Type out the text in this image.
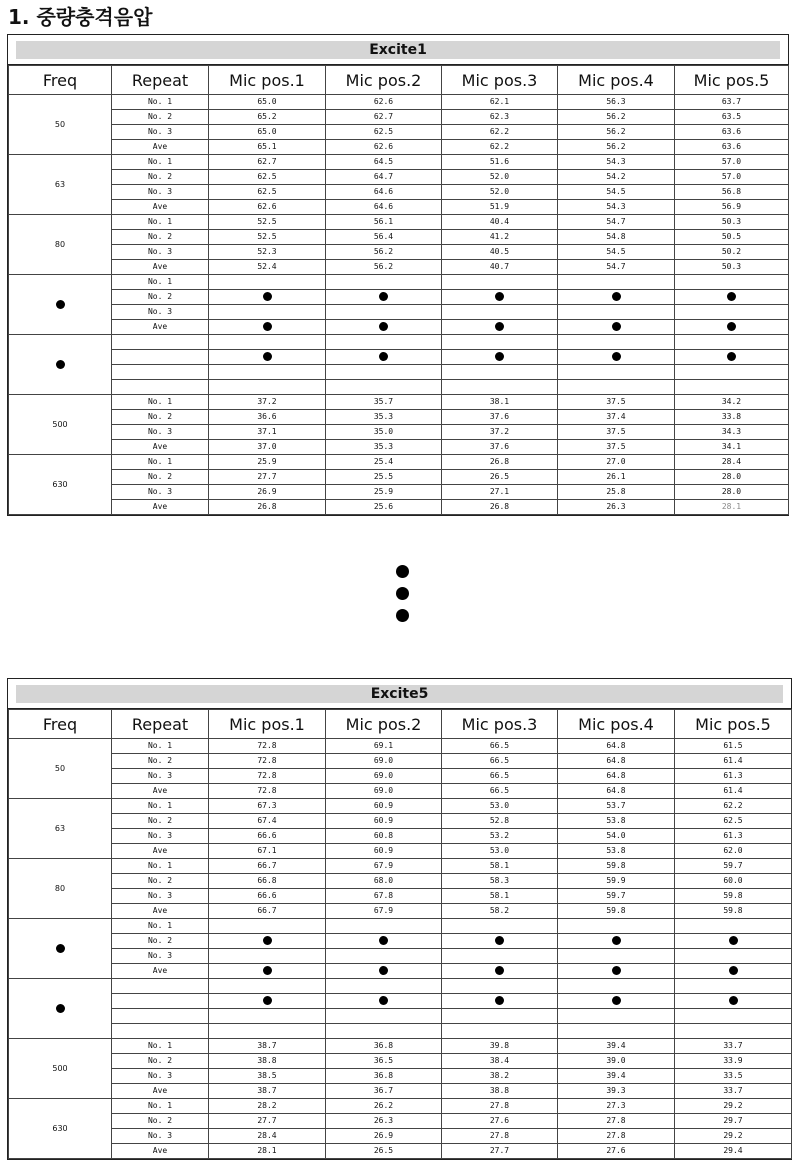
1. 중량충격음압
Excite1
Freq	Repeat	Mic pos.1	Mic pos.2	Mic pos.3	Mic pos.4	Mic pos.5
50	No. 1	65.0	62.6	62.1	56.3	63.7
	No. 2	65.2	62.7	62.3	56.2	63.5
	No. 3	65.0	62.5	62.2	56.2	63.6
	Ave	65.1	62.6	62.2	56.2	63.6
63	No. 1	62.7	64.5	51.6	54.3	57.0
	No. 2	62.5	64.7	52.0	54.2	57.0
	No. 3	62.5	64.6	52.0	54.5	56.8
	Ave	62.6	64.6	51.9	54.3	56.9
80	No. 1	52.5	56.1	40.4	54.7	50.3
	No. 2	52.5	56.4	41.2	54.8	50.5
	No. 3	52.3	56.2	40.5	54.5	50.2
	Ave	52.4	56.2	40.7	54.7	50.3
	No. 1					
	No. 2					
	No. 3					
	Ave					

500	No. 1	37.2	35.7	38.1	37.5	34.2
	No. 2	36.6	35.3	37.6	37.4	33.8
	No. 3	37.1	35.0	37.2	37.5	34.3
	Ave	37.0	35.3	37.6	37.5	34.1
630	No. 1	25.9	25.4	26.8	27.0	28.4
	No. 2	27.7	25.5	26.5	26.1	28.0
	No. 3	26.9	25.9	27.1	25.8	28.0
	Ave	26.8	25.6	26.8	26.3	28.1
Excite5
Freq	Repeat	Mic pos.1	Mic pos.2	Mic pos.3	Mic pos.4	Mic pos.5
50	No. 1	72.8	69.1	66.5	64.8	61.5
	No. 2	72.8	69.0	66.5	64.8	61.4
	No. 3	72.8	69.0	66.5	64.8	61.3
	Ave	72.8	69.0	66.5	64.8	61.4
63	No. 1	67.3	60.9	53.0	53.7	62.2
	No. 2	67.4	60.9	52.8	53.8	62.5
	No. 3	66.6	60.8	53.2	54.0	61.3
	Ave	67.1	60.9	53.0	53.8	62.0
80	No. 1	66.7	67.9	58.1	59.8	59.7
	No. 2	66.8	68.0	58.3	59.9	60.0
	No. 3	66.6	67.8	58.1	59.7	59.8
	Ave	66.7	67.9	58.2	59.8	59.8
	No. 1					
	No. 2					
	No. 3					
	Ave					

500	No. 1	38.7	36.8	39.8	39.4	33.7
	No. 2	38.8	36.5	38.4	39.0	33.9
	No. 3	38.5	36.8	38.2	39.4	33.5
	Ave	38.7	36.7	38.8	39.3	33.7
630	No. 1	28.2	26.2	27.8	27.3	29.2
	No. 2	27.7	26.3	27.6	27.8	29.7
	No. 3	28.4	26.9	27.8	27.8	29.2
	Ave	28.1	26.5	27.7	27.6	29.4
